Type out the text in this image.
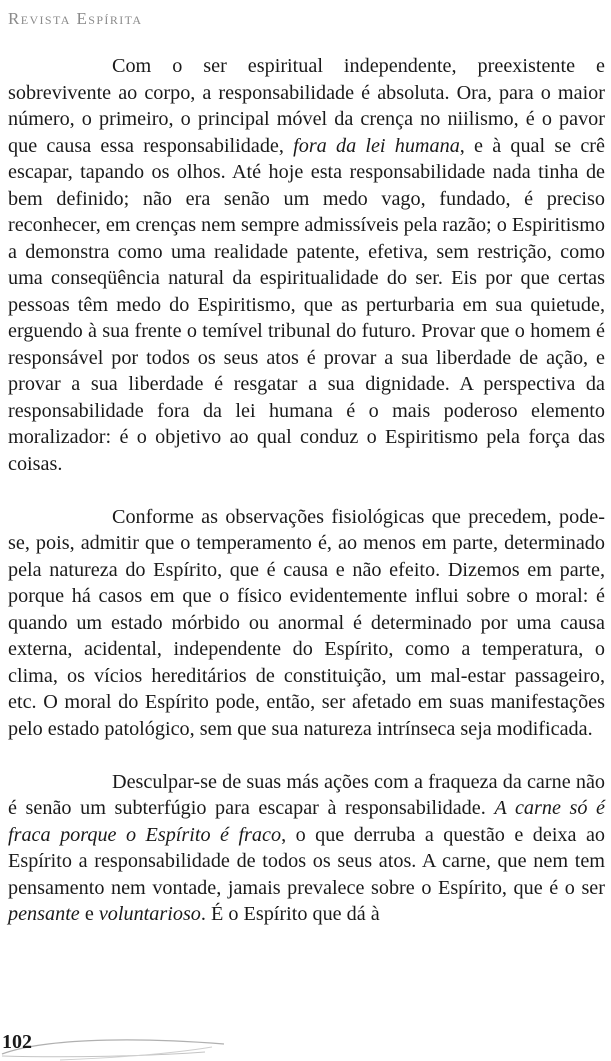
Revista Espírita

Com o ser espiritual independente, preexistente e sobrevivente ao corpo, a responsabilidade é absoluta. Ora, para o maior número, o primeiro, o principal móvel da crença no niilismo, é o pavor que causa essa responsabilidade, fora da lei humana, e à qual se crê escapar, tapando os olhos. Até hoje esta responsabilidade nada tinha de bem definido; não era senão um medo vago, fundado, é preciso reconhecer, em crenças nem sempre admissíveis pela razão; o Espiritismo a demonstra como uma realidade patente, efetiva, sem restrição, como uma conseqüência natural da espiritualidade do ser. Eis por que certas pessoas têm medo do Espiritismo, que as perturbaria em sua quietude, erguendo à sua frente o temível tribunal do futuro. Provar que o homem é responsável por todos os seus atos é provar a sua liberdade de ação, e provar a sua liberdade é resgatar a sua dignidade. A perspectiva da responsabilidade fora da lei humana é o mais poderoso elemento moralizador: é o objetivo ao qual conduz o Espiritismo pela força das coisas.

Conforme as observações fisiológicas que precedem, pode-se, pois, admitir que o temperamento é, ao menos em parte, determinado pela natureza do Espírito, que é causa e não efeito. Dizemos em parte, porque há casos em que o físico evidentemente influi sobre o moral: é quando um estado mórbido ou anormal é determinado por uma causa externa, acidental, independente do Espírito, como a temperatura, o clima, os vícios hereditários de constituição, um mal-estar passageiro, etc. O moral do Espírito pode, então, ser afetado em suas manifestações pelo estado patológico, sem que sua natureza intrínseca seja modificada.

Desculpar-se de suas más ações com a fraqueza da carne não é senão um subterfúgio para escapar à responsabilidade. A carne só é fraca porque o Espírito é fraco, o que derruba a questão e deixa ao Espírito a responsabilidade de todos os seus atos. A carne, que nem tem pensamento nem vontade, jamais prevalece sobre o Espírito, que é o ser pensante e voluntarioso. É o Espírito que dá à

102
